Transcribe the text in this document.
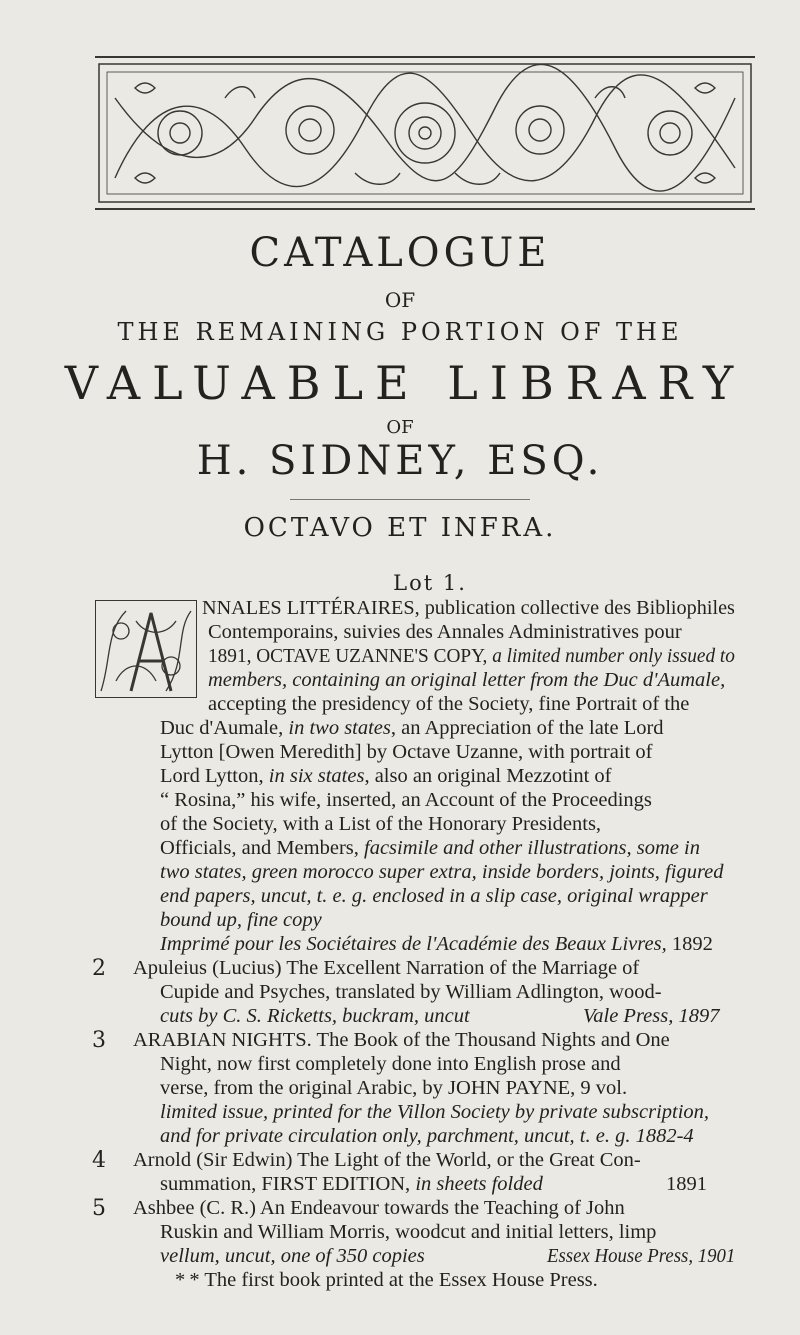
CATALOGUE
OF
THE REMAINING PORTION OF THE
VALUABLE LIBRARY
OF
H. SIDNEY, ESQ.
OCTAVO ET INFRA.
Lot 1.
NNALES LITTÉRAIRES, publication collective des Bibliophiles
Contemporains, suivies des Annales Administratives pour
1891, OCTAVE UZANNE'S COPY, a limited number only issued to
members, containing an original letter from the Duc d'Aumale,
accepting the presidency of the Society, fine Portrait of the
Duc d'Aumale, in two states, an Appreciation of the late Lord
Lytton [Owen Meredith] by Octave Uzanne, with portrait of
Lord Lytton, in six states, also an original Mezzotint of
“ Rosina,” his wife, inserted, an Account of the Proceedings
of the Society, with a List of the Honorary Presidents,
Officials, and Members, facsimile and other illustrations, some in
two states, green morocco super extra, inside borders, joints, figured
end papers, uncut, t. e. g. enclosed in a slip case, original wrapper
bound up, fine copy
Imprimé pour les Sociétaires de l'Académie des Beaux Livres, 1892
2 Apuleius (Lucius) The Excellent Narration of the Marriage of
Cupide and Psyches, translated by William Adlington, wood-
cuts by C. S. Ricketts, buckram, uncut	Vale Press, 1897
3 ARABIAN NIGHTS. The Book of the Thousand Nights and One
Night, now first completely done into English prose and
verse, from the original Arabic, by JOHN PAYNE, 9 vol.
limited issue, printed for the Villon Society by private subscription,
and for private circulation only, parchment, uncut, t. e. g. 1882-4
4 Arnold (Sir Edwin) The Light of the World, or the Great Con-
summation, FIRST EDITION, in sheets folded	1891
5 Ashbee (C. R.) An Endeavour towards the Teaching of John
Ruskin and William Morris, woodcut and initial letters, limp
vellum, uncut, one of 350 copies	Essex House Press, 1901
* * The first book printed at the Essex House Press.
